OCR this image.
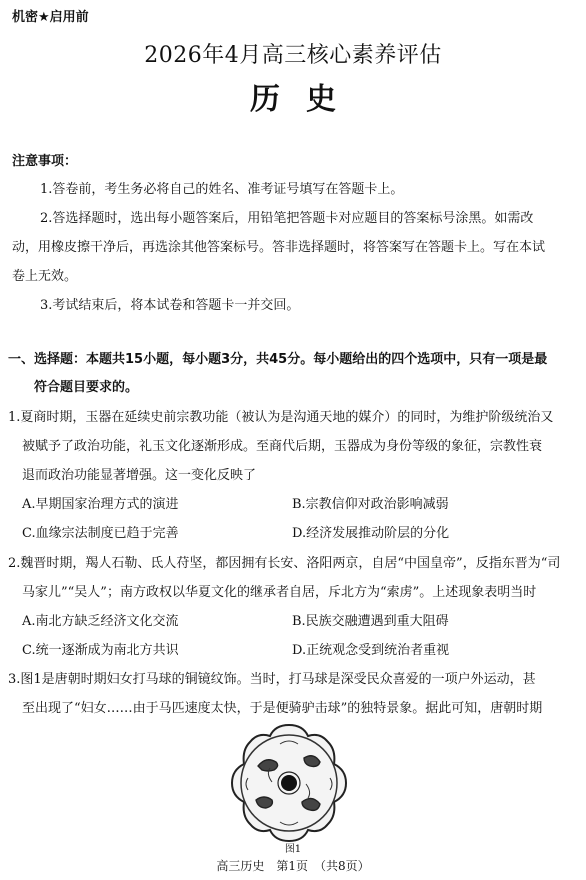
机密★启用前
2026年4月高三核心素养评估
历史
注意事项：
1.答卷前，考生务必将自己的姓名、准考证号填写在答题卡上。
2.答选择题时，选出每小题答案后，用铅笔把答题卡对应题目的答案标号涂黑。如需改
动，用橡皮擦干净后，再选涂其他答案标号。答非选择题时，将答案写在答题卡上。写在本试
卷上无效。
3.考试结束后，将本试卷和答题卡一并交回。
一、选择题：本题共15小题，每小题3分，共45分。每小题给出的四个选项中，只有一项是最
符合题目要求的。
1.夏商时期，玉器在延续史前宗教功能（被认为是沟通天地的媒介）的同时，为维护阶级统治又
被赋予了政治功能，礼玉文化逐渐形成。至商代后期，玉器成为身份等级的象征，宗教性衰
退而政治功能显著增强。这一变化反映了
A.早期国家治理方式的演进	B.宗教信仰对政治影响减弱
C.血缘宗法制度已趋于完善	D.经济发展推动阶层的分化
2.魏晋时期，羯人石勒、氐人苻坚，都因拥有长安、洛阳两京，自居“中国皇帝”，反指东晋为“司
马家儿”“吴人”；南方政权以华夏文化的继承者自居，斥北方为“索虏”。上述现象表明当时
A.南北方缺乏经济文化交流	B.民族交融遭遇到重大阻碍
C.统一逐渐成为南北方共识	D.正统观念受到统治者重视
3.图1是唐朝时期妇女打马球的铜镜纹饰。当时，打马球是深受民众喜爱的一项户外运动，甚
至出现了“妇女……由于马匹速度太快，于是便骑驴击球”的独特景象。据此可知，唐朝时期
图1
高三历史　第1页　（共8页）
